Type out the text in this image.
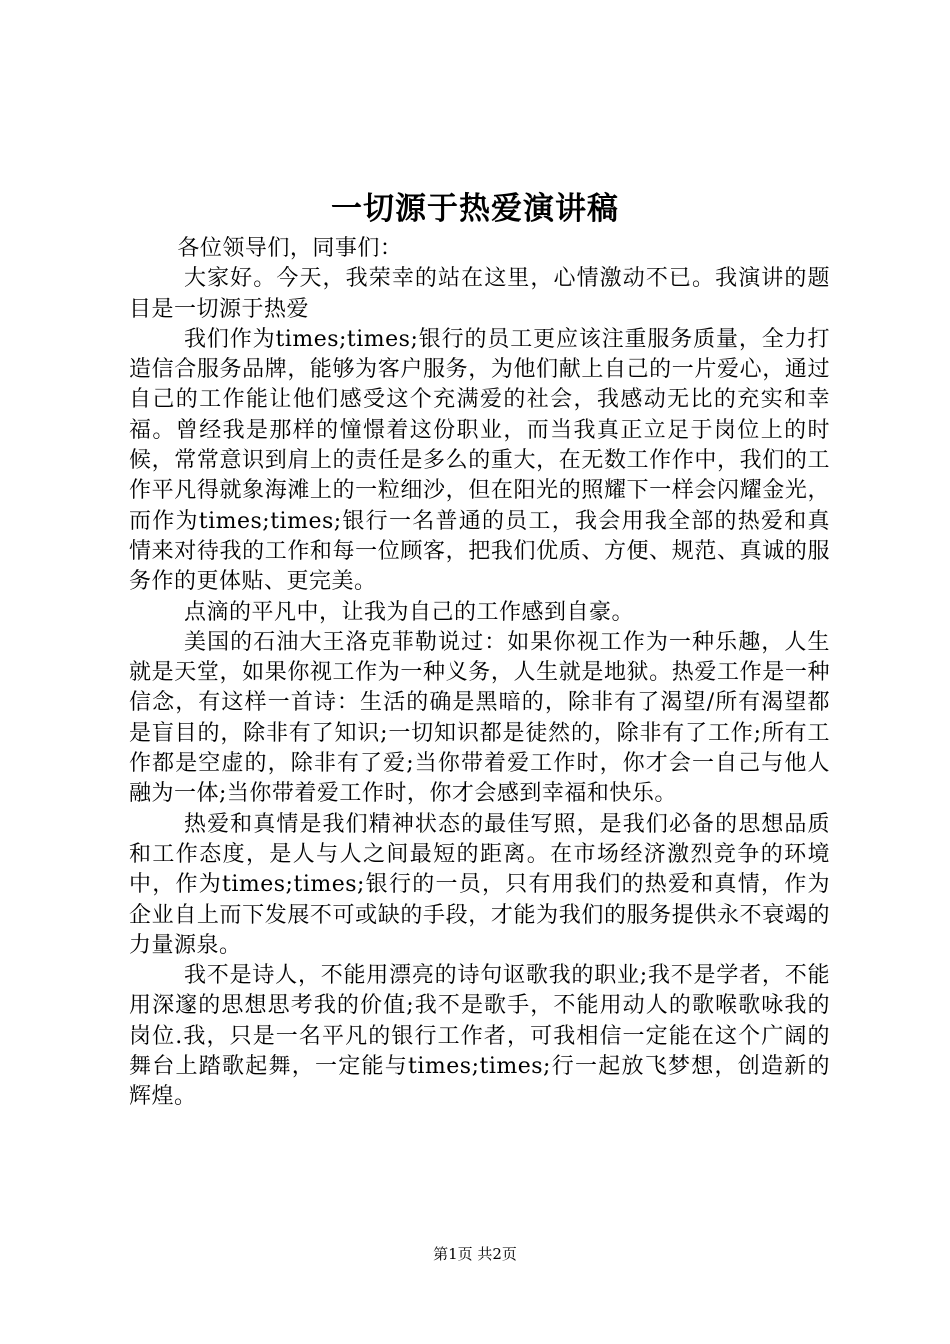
一切源于热爱演讲稿

各位领导们，同事们：

大家好。今天，我荣幸的站在这里，心情激动不已。我演讲的题目是一切源于热爱

我们作为times;times;银行的员工更应该注重服务质量，全力打造信合服务品牌，能够为客户服务，为他们献上自己的一片爱心，通过自己的工作能让他们感受这个充满爱的社会，我感动无比的充实和幸福。曾经我是那样的憧憬着这份职业，而当我真正立足于岗位上的时候，常常意识到肩上的责任是多么的重大，在无数工作作中，我们的工作平凡得就象海滩上的一粒细沙，但在阳光的照耀下一样会闪耀金光，而作为times;times;银行一名普通的员工，我会用我全部的热爱和真情来对待我的工作和每一位顾客，把我们优质、方便、规范、真诚的服务作的更体贴、更完美。

点滴的平凡中，让我为自己的工作感到自豪。

美国的石油大王洛克菲勒说过：如果你视工作为一种乐趣，人生就是天堂，如果你视工作为一种义务，人生就是地狱。热爱工作是一种信念，有这样一首诗：生活的确是黑暗的，除非有了渴望/所有渴望都是盲目的，除非有了知识;一切知识都是徒然的，除非有了工作;所有工作都是空虚的，除非有了爱;当你带着爱工作时，你才会一自己与他人融为一体;当你带着爱工作时，你才会感到幸福和快乐。

热爱和真情是我们精神状态的最佳写照，是我们必备的思想品质和工作态度，是人与人之间最短的距离。在市场经济激烈竞争的环境中，作为times;times;银行的一员，只有用我们的热爱和真情，作为企业自上而下发展不可或缺的手段，才能为我们的服务提供永不衰竭的力量源泉。

我不是诗人，不能用漂亮的诗句讴歌我的职业;我不是学者，不能用深邃的思想思考我的价值;我不是歌手，不能用动人的歌喉歌咏我的岗位.我，只是一名平凡的银行工作者，可我相信一定能在这个广阔的舞台上踏歌起舞，一定能与times;times;行一起放飞梦想，创造新的辉煌。

第1页 共2页
